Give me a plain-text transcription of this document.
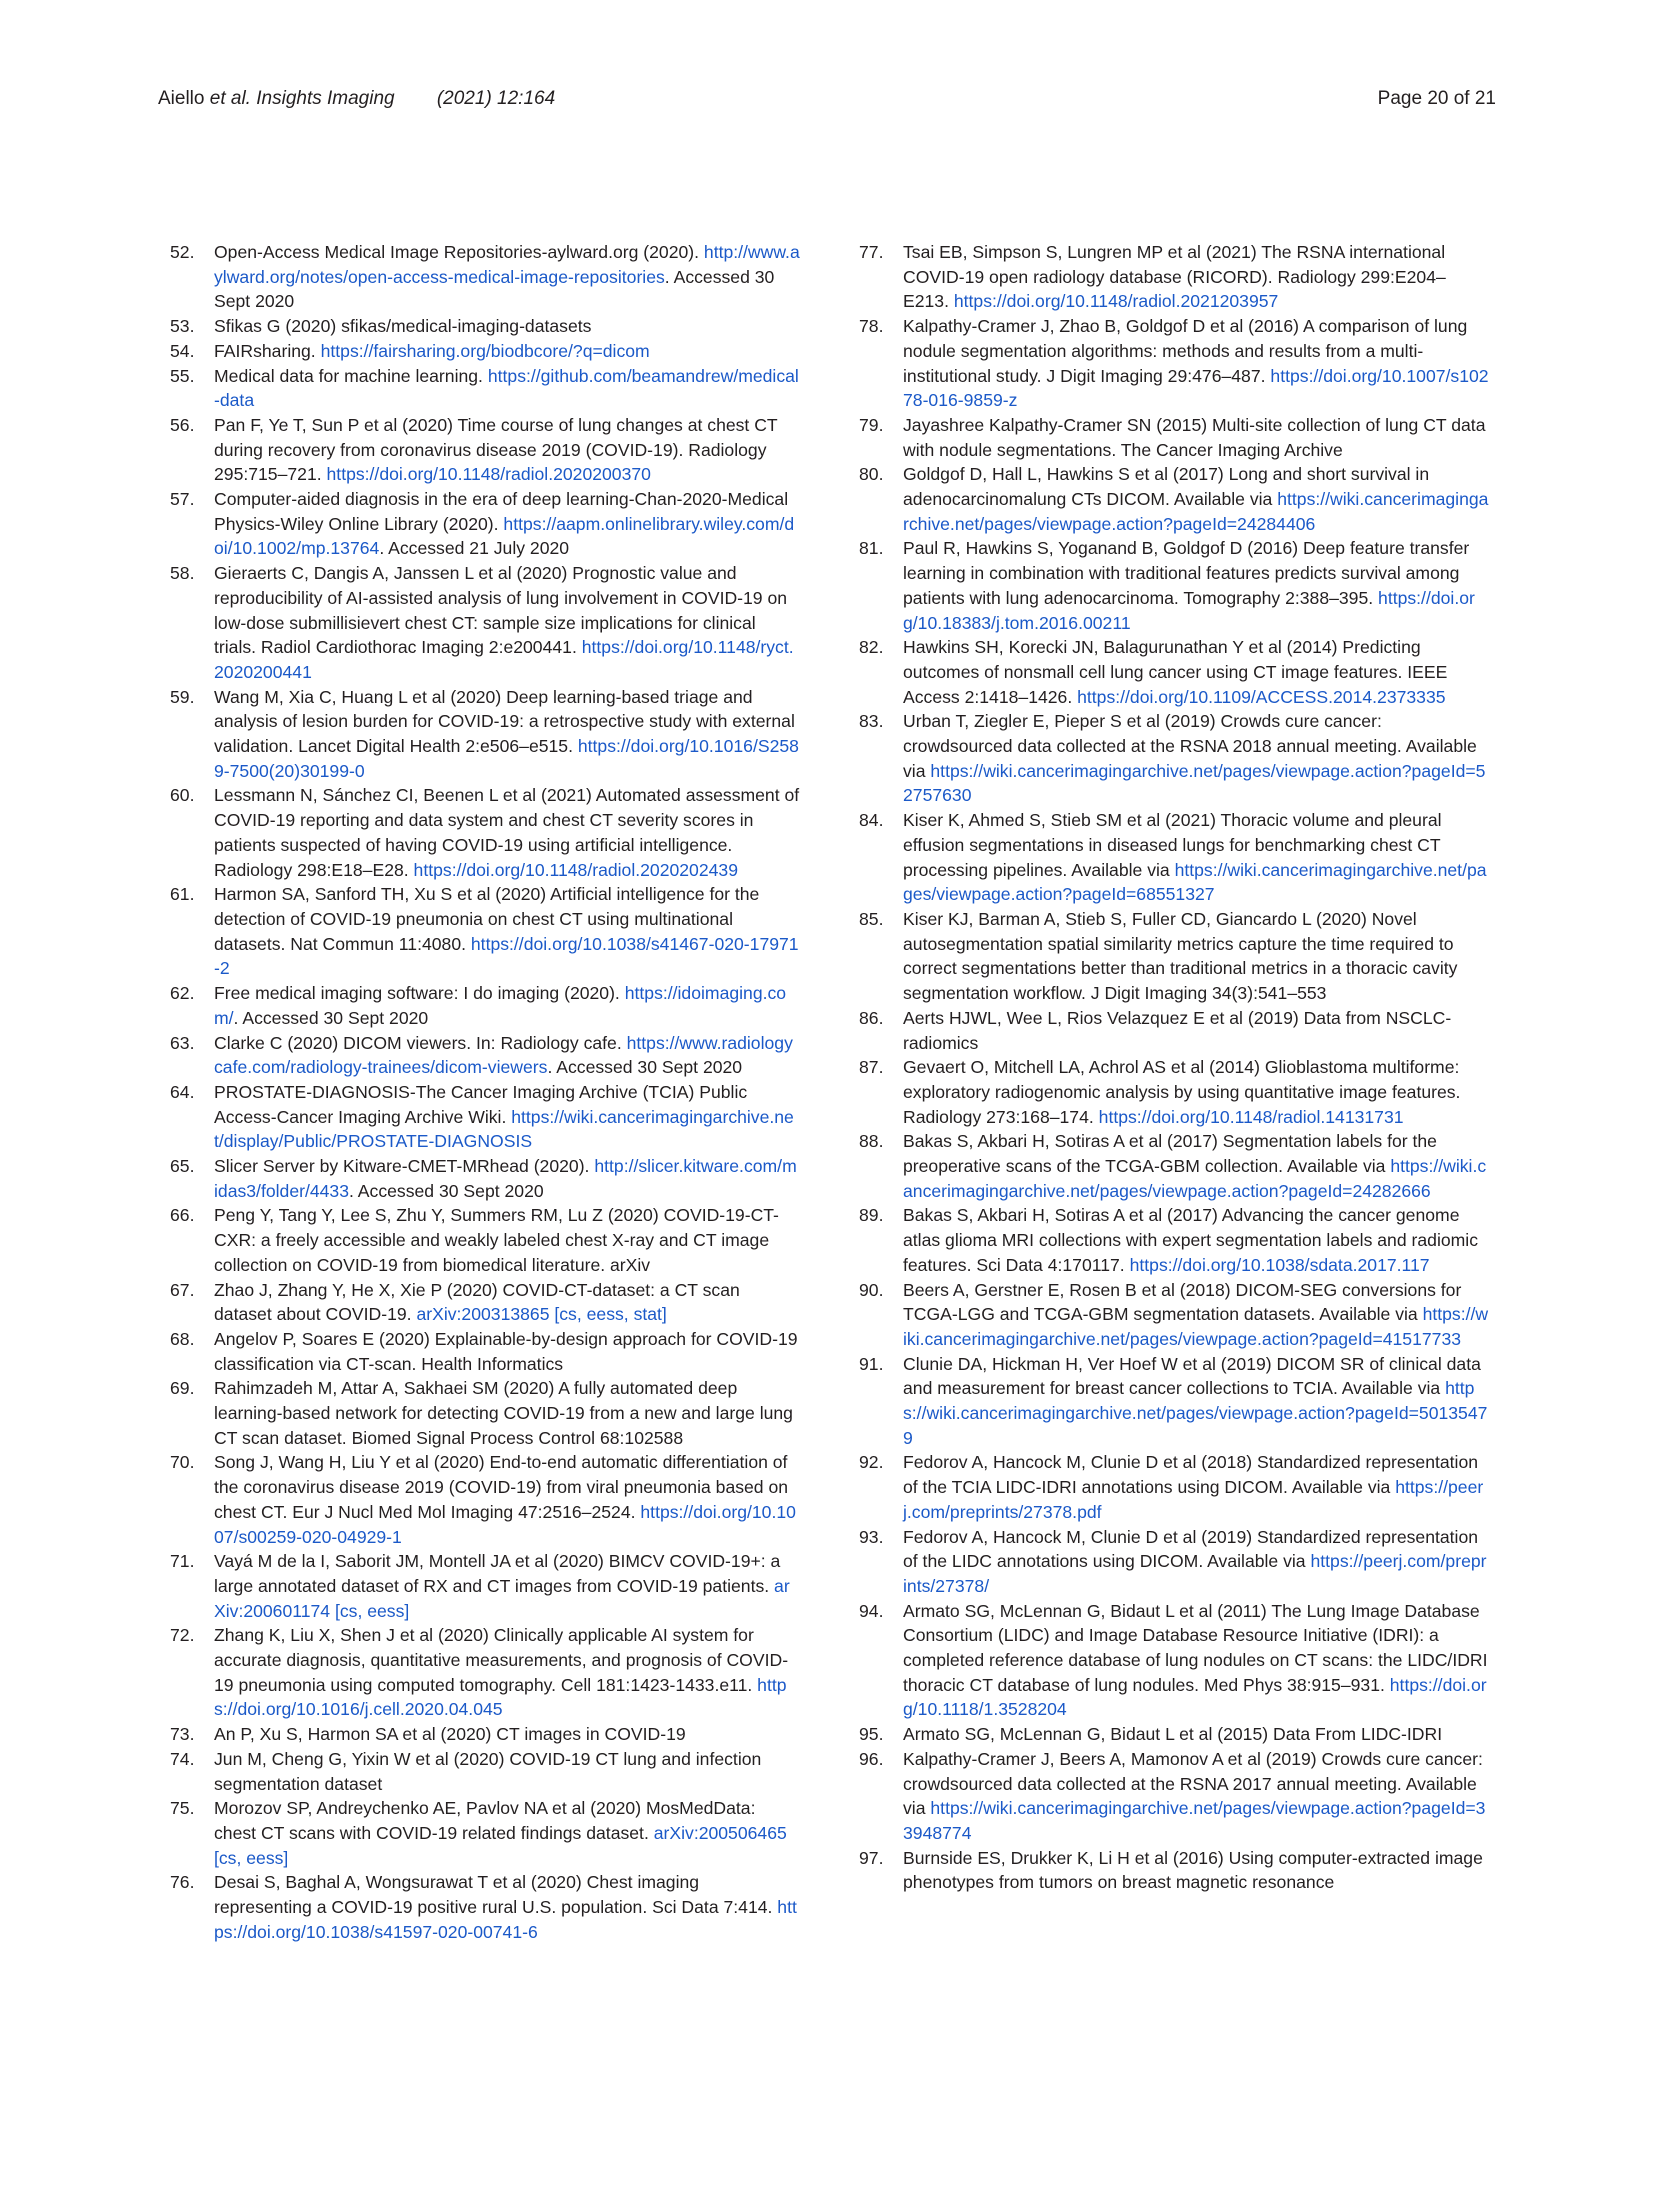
Aiello et al. Insights Imaging (2021) 12:164	Page 20 of 21
52. Open-Access Medical Image Repositories-aylward.org (2020). http://www.aylward.org/notes/open-access-medical-image-repositories. Accessed 30 Sept 2020
53. Sfikas G (2020) sfikas/medical-imaging-datasets
54. FAIRsharing. https://fairsharing.org/biodbcore/?q=dicom
55. Medical data for machine learning. https://github.com/beamandrew/medical-data
56. Pan F, Ye T, Sun P et al (2020) Time course of lung changes at chest CT during recovery from coronavirus disease 2019 (COVID-19). Radiology 295:715–721. https://doi.org/10.1148/radiol.2020200370
57. Computer-aided diagnosis in the era of deep learning-Chan-2020-Medical Physics-Wiley Online Library (2020). https://aapm.onlinelibrary.wiley.com/doi/10.1002/mp.13764. Accessed 21 July 2020
58. Gieraerts C, Dangis A, Janssen L et al (2020) Prognostic value and reproducibility of AI-assisted analysis of lung involvement in COVID-19 on low-dose submillisievert chest CT: sample size implications for clinical trials. Radiol Cardiothorac Imaging 2:e200441. https://doi.org/10.1148/ryct.2020200441
59. Wang M, Xia C, Huang L et al (2020) Deep learning-based triage and analysis of lesion burden for COVID-19: a retrospective study with external validation. Lancet Digital Health 2:e506–e515. https://doi.org/10.1016/S2589-7500(20)30199-0
60. Lessmann N, Sánchez CI, Beenen L et al (2021) Automated assessment of COVID-19 reporting and data system and chest CT severity scores in patients suspected of having COVID-19 using artificial intelligence. Radiology 298:E18–E28. https://doi.org/10.1148/radiol.2020202439
61. Harmon SA, Sanford TH, Xu S et al (2020) Artificial intelligence for the detection of COVID-19 pneumonia on chest CT using multinational datasets. Nat Commun 11:4080. https://doi.org/10.1038/s41467-020-17971-2
62. Free medical imaging software: I do imaging (2020). https://idoimaging.com/. Accessed 30 Sept 2020
63. Clarke C (2020) DICOM viewers. In: Radiology cafe. https://www.radiologycafe.com/radiology-trainees/dicom-viewers. Accessed 30 Sept 2020
64. PROSTATE-DIAGNOSIS-The Cancer Imaging Archive (TCIA) Public Access-Cancer Imaging Archive Wiki. https://wiki.cancerimagingarchive.net/display/Public/PROSTATE-DIAGNOSIS
65. Slicer Server by Kitware-CMET-MRhead (2020). http://slicer.kitware.com/midas3/folder/4433. Accessed 30 Sept 2020
66. Peng Y, Tang Y, Lee S, Zhu Y, Summers RM, Lu Z (2020) COVID-19-CT-CXR: a freely accessible and weakly labeled chest X-ray and CT image collection on COVID-19 from biomedical literature. arXiv
67. Zhao J, Zhang Y, He X, Xie P (2020) COVID-CT-dataset: a CT scan dataset about COVID-19. arXiv:200313865 [cs, eess, stat]
68. Angelov P, Soares E (2020) Explainable-by-design approach for COVID-19 classification via CT-scan. Health Informatics
69. Rahimzadeh M, Attar A, Sakhaei SM (2020) A fully automated deep learning-based network for detecting COVID-19 from a new and large lung CT scan dataset. Biomed Signal Process Control 68:102588
70. Song J, Wang H, Liu Y et al (2020) End-to-end automatic differentiation of the coronavirus disease 2019 (COVID-19) from viral pneumonia based on chest CT. Eur J Nucl Med Mol Imaging 47:2516–2524. https://doi.org/10.1007/s00259-020-04929-1
71. Vayá M de la I, Saborit JM, Montell JA et al (2020) BIMCV COVID-19+: a large annotated dataset of RX and CT images from COVID-19 patients. arXiv:200601174 [cs, eess]
72. Zhang K, Liu X, Shen J et al (2020) Clinically applicable AI system for accurate diagnosis, quantitative measurements, and prognosis of COVID-19 pneumonia using computed tomography. Cell 181:1423-1433.e11. https://doi.org/10.1016/j.cell.2020.04.045
73. An P, Xu S, Harmon SA et al (2020) CT images in COVID-19
74. Jun M, Cheng G, Yixin W et al (2020) COVID-19 CT lung and infection segmentation dataset
75. Morozov SP, Andreychenko AE, Pavlov NA et al (2020) MosMedData: chest CT scans with COVID-19 related findings dataset. arXiv:200506465 [cs, eess]
76. Desai S, Baghal A, Wongsurawat T et al (2020) Chest imaging representing a COVID-19 positive rural U.S. population. Sci Data 7:414. https://doi.org/10.1038/s41597-020-00741-6
77. Tsai EB, Simpson S, Lungren MP et al (2021) The RSNA international COVID-19 open radiology database (RICORD). Radiology 299:E204–E213. https://doi.org/10.1148/radiol.2021203957
78. Kalpathy-Cramer J, Zhao B, Goldgof D et al (2016) A comparison of lung nodule segmentation algorithms: methods and results from a multi-institutional study. J Digit Imaging 29:476–487. https://doi.org/10.1007/s10278-016-9859-z
79. Jayashree Kalpathy-Cramer SN (2015) Multi-site collection of lung CT data with nodule segmentations. The Cancer Imaging Archive
80. Goldgof D, Hall L, Hawkins S et al (2017) Long and short survival in adenocarcinomalung CTs DICOM. Available via https://wiki.cancerimagingarchive.net/pages/viewpage.action?pageId=24284406
81. Paul R, Hawkins S, Yoganand B, Goldgof D (2016) Deep feature transfer learning in combination with traditional features predicts survival among patients with lung adenocarcinoma. Tomography 2:388–395. https://doi.org/10.18383/j.tom.2016.00211
82. Hawkins SH, Korecki JN, Balagurunathan Y et al (2014) Predicting outcomes of nonsmall cell lung cancer using CT image features. IEEE Access 2:1418–1426. https://doi.org/10.1109/ACCESS.2014.2373335
83. Urban T, Ziegler E, Pieper S et al (2019) Crowds cure cancer: crowdsourced data collected at the RSNA 2018 annual meeting. Available via https://wiki.cancerimagingarchive.net/pages/viewpage.action?pageId=52757630
84. Kiser K, Ahmed S, Stieb SM et al (2021) Thoracic volume and pleural effusion segmentations in diseased lungs for benchmarking chest CT processing pipelines. Available via https://wiki.cancerimagingarchive.net/pages/viewpage.action?pageId=68551327
85. Kiser KJ, Barman A, Stieb S, Fuller CD, Giancardo L (2020) Novel autosegmentation spatial similarity metrics capture the time required to correct segmentations better than traditional metrics in a thoracic cavity segmentation workflow. J Digit Imaging 34(3):541–553
86. Aerts HJWL, Wee L, Rios Velazquez E et al (2019) Data from NSCLC-radiomics
87. Gevaert O, Mitchell LA, Achrol AS et al (2014) Glioblastoma multiforme: exploratory radiogenomic analysis by using quantitative image features. Radiology 273:168–174. https://doi.org/10.1148/radiol.14131731
88. Bakas S, Akbari H, Sotiras A et al (2017) Segmentation labels for the preoperative scans of the TCGA-GBM collection. Available via https://wiki.cancerimagingarchive.net/pages/viewpage.action?pageId=24282666
89. Bakas S, Akbari H, Sotiras A et al (2017) Advancing the cancer genome atlas glioma MRI collections with expert segmentation labels and radiomic features. Sci Data 4:170117. https://doi.org/10.1038/sdata.2017.117
90. Beers A, Gerstner E, Rosen B et al (2018) DICOM-SEG conversions for TCGA-LGG and TCGA-GBM segmentation datasets. Available via https://wiki.cancerimagingarchive.net/pages/viewpage.action?pageId=41517733
91. Clunie DA, Hickman H, Ver Hoef W et al (2019) DICOM SR of clinical data and measurement for breast cancer collections to TCIA. Available via https://wiki.cancerimagingarchive.net/pages/viewpage.action?pageId=50135479
92. Fedorov A, Hancock M, Clunie D et al (2018) Standardized representation of the TCIA LIDC-IDRI annotations using DICOM. Available via https://peerj.com/preprints/27378.pdf
93. Fedorov A, Hancock M, Clunie D et al (2019) Standardized representation of the LIDC annotations using DICOM. Available via https://peerj.com/preprints/27378/
94. Armato SG, McLennan G, Bidaut L et al (2011) The Lung Image Database Consortium (LIDC) and Image Database Resource Initiative (IDRI): a completed reference database of lung nodules on CT scans: the LIDC/IDRI thoracic CT database of lung nodules. Med Phys 38:915–931. https://doi.org/10.1118/1.3528204
95. Armato SG, McLennan G, Bidaut L et al (2015) Data From LIDC-IDRI
96. Kalpathy-Cramer J, Beers A, Mamonov A et al (2019) Crowds cure cancer: crowdsourced data collected at the RSNA 2017 annual meeting. Available via https://wiki.cancerimagingarchive.net/pages/viewpage.action?pageId=33948774
97. Burnside ES, Drukker K, Li H et al (2016) Using computer-extracted image phenotypes from tumors on breast magnetic resonance
